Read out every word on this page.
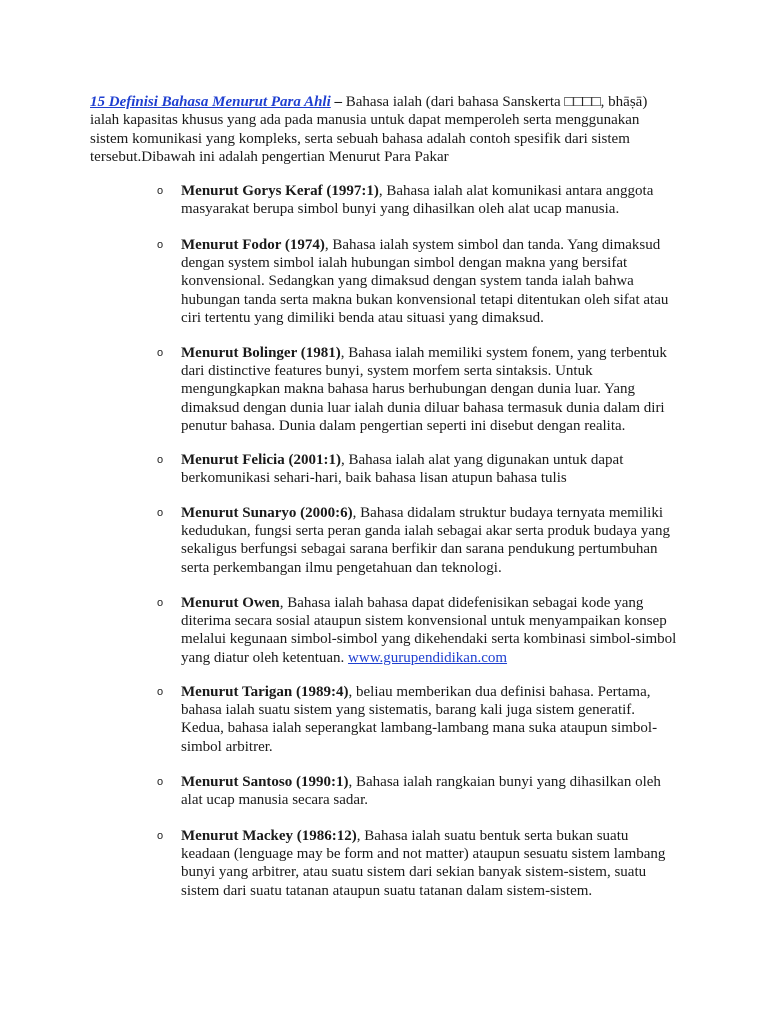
15 Definisi Bahasa Menurut Para Ahli – Bahasa ialah (dari bahasa Sanskerta □□□□, bhāṣā) ialah kapasitas khusus yang ada pada manusia untuk dapat memperoleh serta menggunakan sistem komunikasi yang kompleks, serta sebuah bahasa adalah contoh spesifik dari sistem tersebut.Dibawah ini adalah pengertian Menurut Para Pakar

o Menurut Gorys Keraf (1997:1), Bahasa ialah alat komunikasi antara anggota masyarakat berupa simbol bunyi yang dihasilkan oleh alat ucap manusia.
o Menurut Fodor (1974), Bahasa ialah system simbol dan tanda. Yang dimaksud dengan system simbol ialah hubungan simbol dengan makna yang bersifat konvensional. Sedangkan yang dimaksud dengan system tanda ialah bahwa hubungan tanda serta makna bukan konvensional tetapi ditentukan oleh sifat atau ciri tertentu yang dimiliki benda atau situasi yang dimaksud.
o Menurut Bolinger (1981), Bahasa ialah memiliki system fonem, yang terbentuk dari distinctive features bunyi, system morfem serta sintaksis. Untuk mengungkapkan makna bahasa harus berhubungan dengan dunia luar. Yang dimaksud dengan dunia luar ialah dunia diluar bahasa termasuk dunia dalam diri penutur bahasa. Dunia dalam pengertian seperti ini disebut dengan realita.
o Menurut Felicia (2001:1), Bahasa ialah alat yang digunakan untuk dapat berkomunikasi sehari-hari, baik bahasa lisan atupun bahasa tulis
o Menurut Sunaryo (2000:6), Bahasa didalam struktur budaya ternyata memiliki kedudukan, fungsi serta peran ganda ialah sebagai akar serta produk budaya yang sekaligus berfungsi sebagai sarana berfikir dan sarana pendukung pertumbuhan serta perkembangan ilmu pengetahuan dan teknologi.
o Menurut Owen, Bahasa ialah bahasa dapat didefenisikan sebagai kode yang diterima secara sosial ataupun sistem konvensional untuk menyampaikan konsep melalui kegunaan simbol-simbol yang dikehendaki serta kombinasi simbol-simbol yang diatur oleh ketentuan. www.gurupendidikan.com
o Menurut Tarigan (1989:4), beliau memberikan dua definisi bahasa. Pertama, bahasa ialah suatu sistem yang sistematis, barang kali juga sistem generatif. Kedua, bahasa ialah seperangkat lambang-lambang mana suka ataupun simbol-simbol arbitrer.
o Menurut Santoso (1990:1), Bahasa ialah rangkaian bunyi yang dihasilkan oleh alat ucap manusia secara sadar.
o Menurut Mackey (1986:12), Bahasa ialah suatu bentuk serta bukan suatu keadaan (lenguage may be form and not matter) ataupun sesuatu sistem lambang bunyi yang arbitrer, atau suatu sistem dari sekian banyak sistem-sistem, suatu sistem dari suatu tatanan ataupun suatu tatanan dalam sistem-sistem.
